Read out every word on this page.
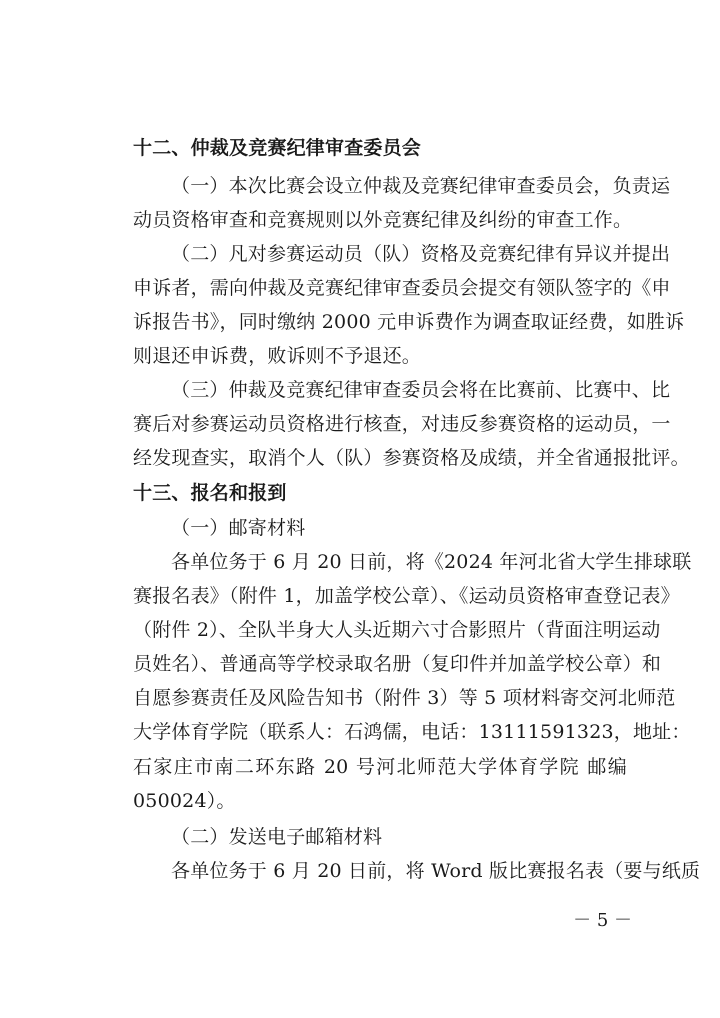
十二、仲裁及竞赛纪律审查委员会
（一）本次比赛会设立仲裁及竞赛纪律审查委员会，负责运
动员资格审查和竞赛规则以外竞赛纪律及纠纷的审查工作。
（二）凡对参赛运动员（队）资格及竞赛纪律有异议并提出
申诉者，需向仲裁及竞赛纪律审查委员会提交有领队签字的《申
诉报告书》，同时缴纳 2000 元申诉费作为调查取证经费，如胜诉
则退还申诉费，败诉则不予退还。
（三）仲裁及竞赛纪律审查委员会将在比赛前、比赛中、比
赛后对参赛运动员资格进行核查，对违反参赛资格的运动员，一
经发现查实，取消个人（队）参赛资格及成绩，并全省通报批评。
十三、报名和报到
（一）邮寄材料
各单位务于 6 月 20 日前，将《2024 年河北省大学生排球联
赛报名表》（附件 1，加盖学校公章）、《运动员资格审查登记表》
（附件 2）、全队半身大人头近期六寸合影照片（背面注明运动
员姓名）、普通高等学校录取名册（复印件并加盖学校公章）和
自愿参赛责任及风险告知书（附件 3）等 5 项材料寄交河北师范
大学体育学院（联系人：石鸿儒，电话：13111591323，地址：
石家庄市南二环东路 20 号河北师范大学体育学院 邮编
050024）。
（二）发送电子邮箱材料
各单位务于 6 月 20 日前，将 Word 版比赛报名表（要与纸质
－ 5 －
